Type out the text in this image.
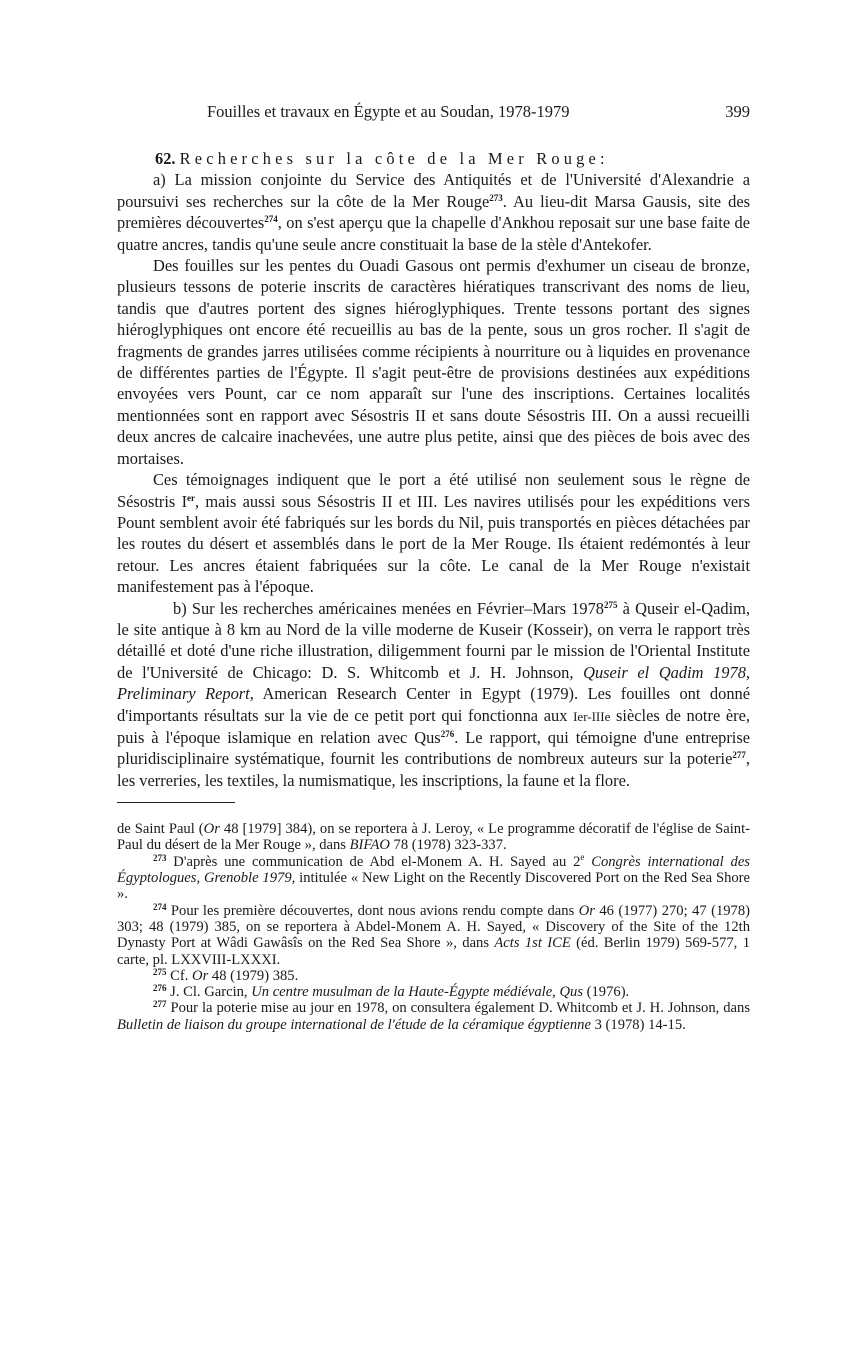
Fouilles et travaux en Égypte et au Soudan, 1978-1979	399

62. Recherches sur la côte de la Mer Rouge:

a) La mission conjointe du Service des Antiquités et de l'Université d'Alexandrie a poursuivi ses recherches sur la côte de la Mer Rouge$^{273}$. Au lieu-dit Marsa Gausis, site des premières découvertes$^{274}$, on s'est aperçu que la chapelle d'Ankhou reposait sur une base faite de quatre ancres, tandis qu'une seule ancre constituait la base de la stèle d'Antekofer.

Des fouilles sur les pentes du Ouadi Gasous ont permis d'exhumer un ciseau de bronze, plusieurs tessons de poterie inscrits de caractères hiératiques transcrivant des noms de lieu, tandis que d'autres portent des signes hiéroglyphiques. Trente tessons portant des signes hiéroglyphiques ont encore été recueillis au bas de la pente, sous un gros rocher. Il s'agit de fragments de grandes jarres utilisées comme récipients à nourriture ou à liquides en provenance de différentes parties de l'Égypte. Il s'agit peut-être de provisions destinées aux expéditions envoyées vers Pount, car ce nom apparaît sur l'une des inscriptions. Certaines localités mentionnées sont en rapport avec Sésostris II et sans doute Sésostris III. On a aussi recueilli deux ancres de calcaire inachevées, une autre plus petite, ainsi que des pièces de bois avec des mortaises.

Ces témoignages indiquent que le port a été utilisé non seulement sous le règne de Sésostris Ier, mais aussi sous Sésostris II et III. Les navires utilisés pour les expéditions vers Pount semblent avoir été fabriqués sur les bords du Nil, puis transportés en pièces détachées par les routes du désert et assemblés dans le port de la Mer Rouge. Ils étaient redémontés à leur retour. Les ancres étaient fabriquées sur la côte. Le canal de la Mer Rouge n'existait manifestement pas à l'époque.

b) Sur les recherches américaines menées en Février–Mars 1978$^{275}$ à Quseir el-Qadim, le site antique à 8 km au Nord de la ville moderne de Kuseir (Kosseir), on verra le rapport très détaillé et doté d'une riche illustration, diligemment fourni par le mission de l'Oriental Institute de l'Université de Chicago: D. S. Whitcomb et J. H. Johnson, Quseir el Qadim 1978, Preliminary Report, American Research Center in Egypt (1979). Les fouilles ont donné d'importants résultats sur la vie de ce petit port qui fonctionna aux Ier-IIIe siècles de notre ère, puis à l'époque islamique en relation avec Qus$^{276}$. Le rapport, qui témoigne d'une entreprise pluridisciplinaire systématique, fournit les contributions de nombreux auteurs sur la poterie$^{277}$, les verreries, les textiles, la numismatique, les inscriptions, la faune et la flore.

de Saint Paul (Or 48 [1979] 384), on se reportera à J. Leroy, « Le programme décoratif de l'église de Saint-Paul du désert de la Mer Rouge », dans BIFAO 78 (1978) 323-337.

$^{273}$ D'après une communication de Abd el-Monem A. H. Sayed au 2e Congrès international des Égyptologues, Grenoble 1979, intitulée « New Light on the Recently Discovered Port on the Red Sea Shore ».

$^{274}$ Pour les première découvertes, dont nous avions rendu compte dans Or 46 (1977) 270; 47 (1978) 303; 48 (1979) 385, on se reportera à Abdel-Monem A. H. Sayed, « Discovery of the Site of the 12th Dynasty Port at Wâdi Gawâsîs on the Red Sea Shore », dans Acts 1st ICE (éd. Berlin 1979) 569-577, 1 carte, pl. LXXVIII-LXXXI.

$^{275}$ Cf. Or 48 (1979) 385.

$^{276}$ J. Cl. Garcin, Un centre musulman de la Haute-Égypte médiévale, Qus (1976).

$^{277}$ Pour la poterie mise au jour en 1978, on consultera également D. Whitcomb et J. H. Johnson, dans Bulletin de liaison du groupe international de l'étude de la céramique égyptienne 3 (1978) 14-15.
